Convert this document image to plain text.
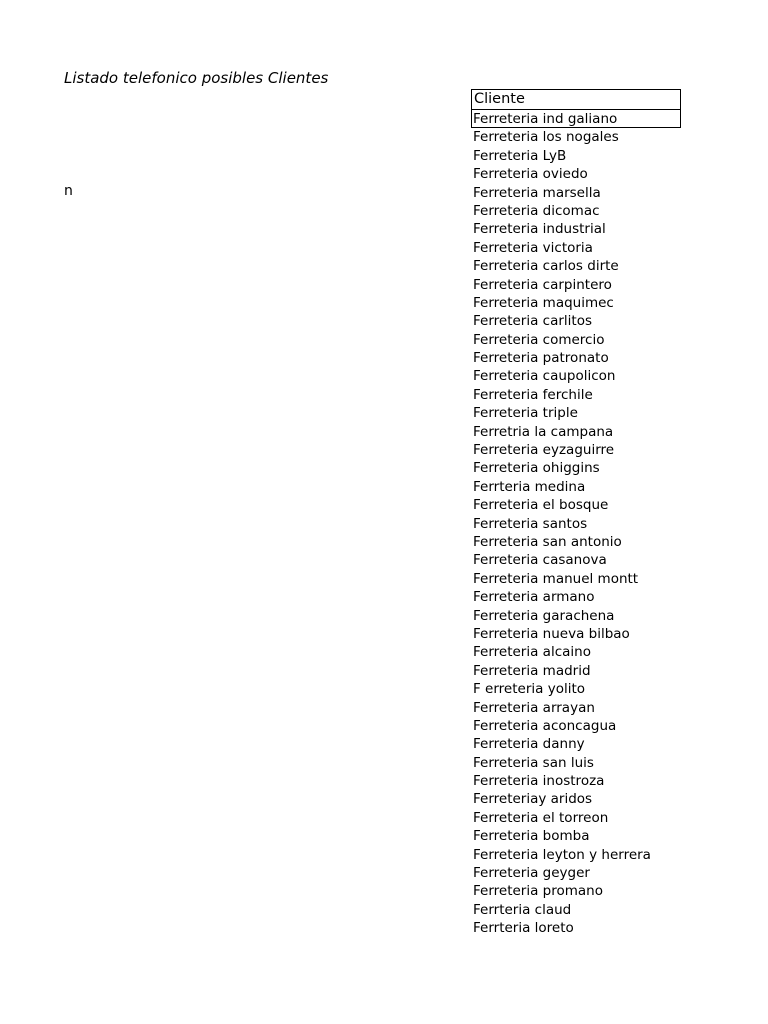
Listado telefonico posibles Clientes
n
Cliente
Ferreteria ind galiano
Ferreteria los nogales
Ferreteria LyB
Ferreteria oviedo
Ferreteria marsella
Ferreteria dicomac
Ferreteria industrial
Ferreteria victoria
Ferreteria carlos dirte
Ferreteria carpintero
Ferreteria maquimec
Ferreteria carlitos
Ferreteria comercio
Ferreteria patronato
Ferreteria caupolicon
Ferreteria ferchile
Ferreteria triple
Ferretria la campana
Ferreteria eyzaguirre
Ferreteria ohiggins
Ferrteria medina
Ferreteria el bosque
Ferreteria santos
Ferreteria san antonio
Ferreteria casanova
Ferreteria manuel montt
Ferreteria armano
Ferreteria garachena
Ferreteria nueva bilbao
Ferreteria alcaino
Ferreteria madrid
F erreteria yolito
Ferreteria arrayan
Ferreteria aconcagua
Ferreteria danny
Ferreteria san luis
Ferreteria inostroza
Ferreteriay aridos
Ferreteria el torreon
Ferreteria bomba
Ferreteria leyton y herrera
Ferreteria geyger
Ferreteria promano
Ferrteria claud
Ferrteria loreto
